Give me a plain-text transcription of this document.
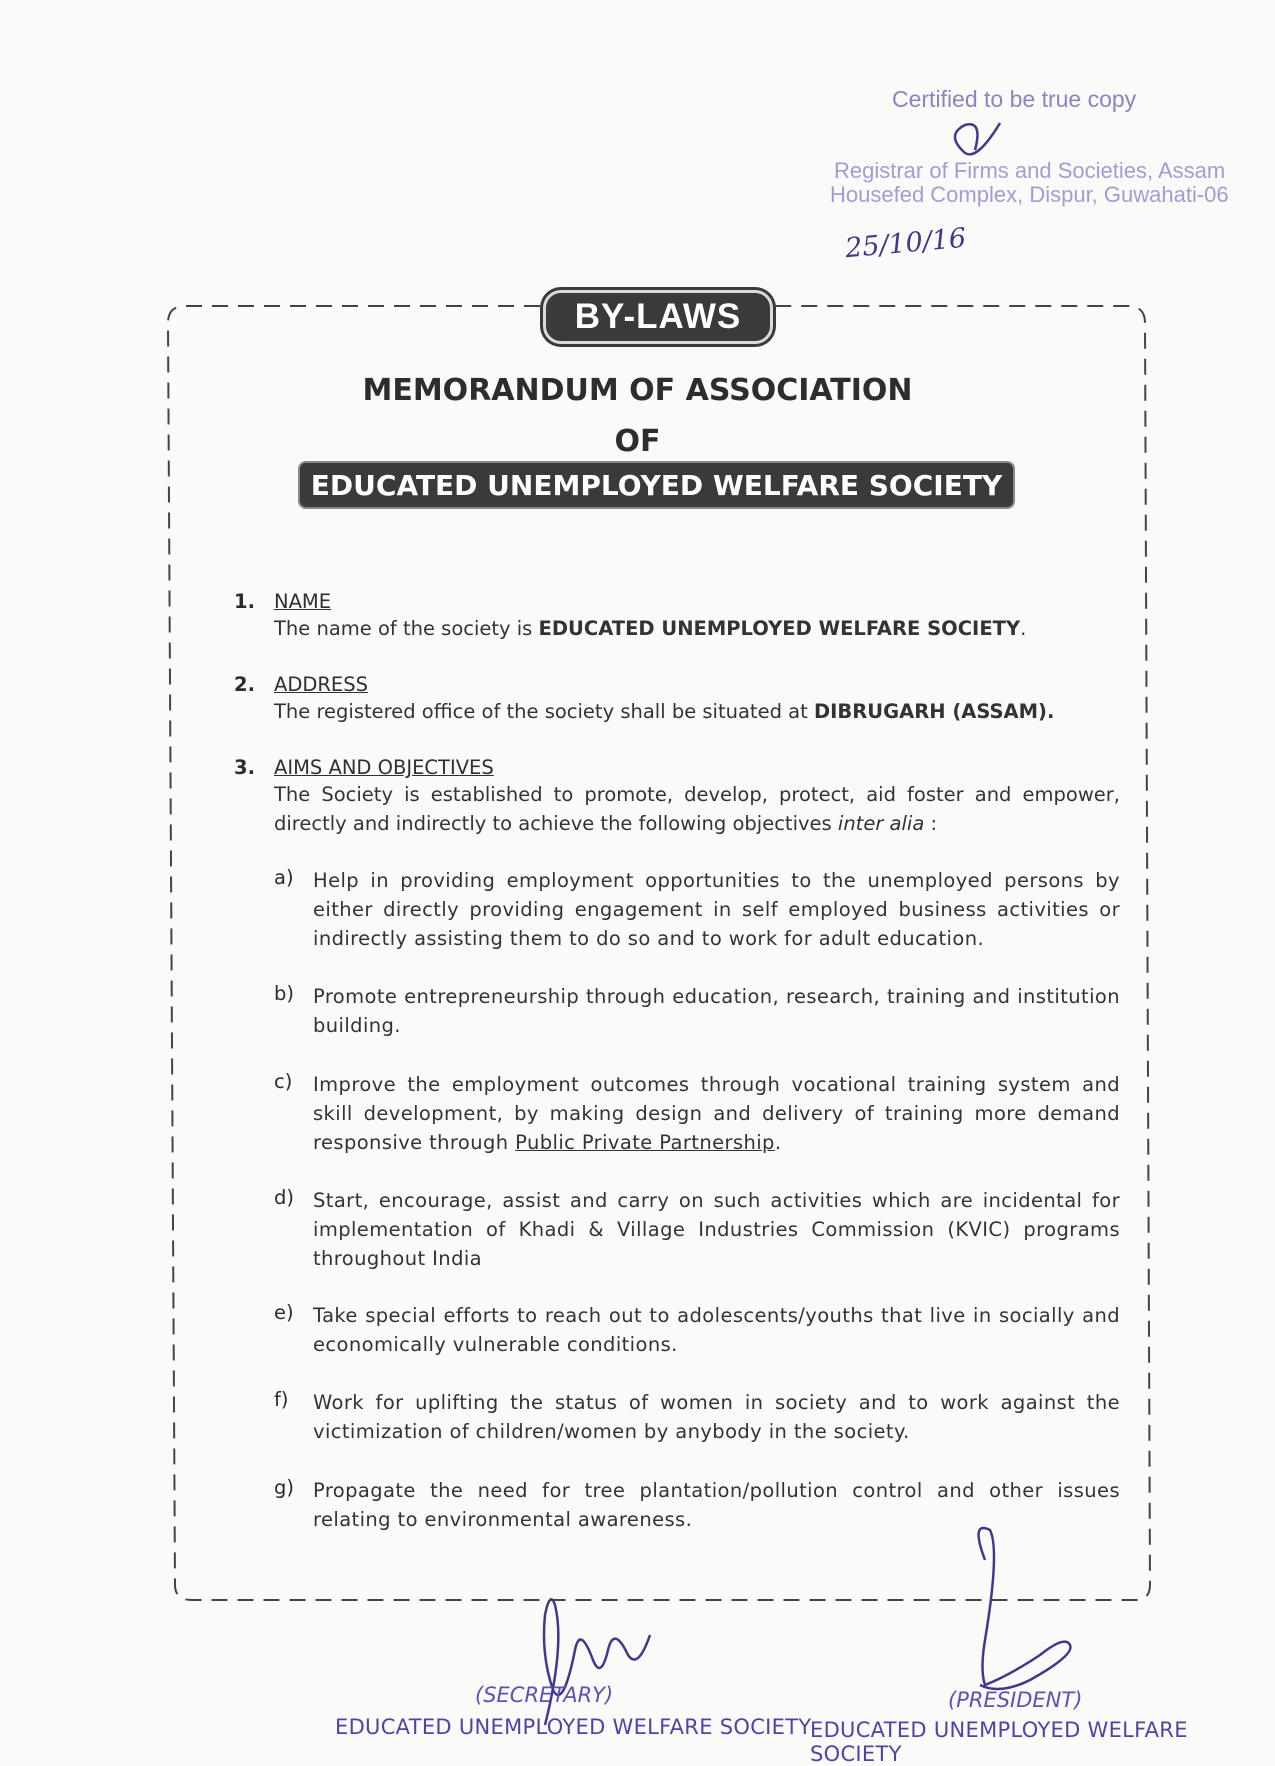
Certified to be true copy
Registrar of Firms and Societies, Assam
Housefed Complex, Dispur, Guwahati-06
25/10/16
BY-LAWS
MEMORANDUM OF ASSOCIATION
OF
EDUCATED UNEMPLOYED WELFARE SOCIETY
1. NAME
The name of the society is EDUCATED UNEMPLOYED WELFARE SOCIETY.
2. ADDRESS
The registered office of the society shall be situated at DIBRUGARH (ASSAM).
3. AIMS AND OBJECTIVES
The Society is established to promote, develop, protect, aid foster and empower, directly and indirectly to achieve the following objectives inter alia :
a) Help in providing employment opportunities to the unemployed persons by either directly providing engagement in self employed business activities or indirectly assisting them to do so and to work for adult education.
b) Promote entrepreneurship through education, research, training and institution building.
c) Improve the employment outcomes through vocational training system and skill development, by making design and delivery of training more demand responsive through Public Private Partnership.
d) Start, encourage, assist and carry on such activities which are incidental for implementation of Khadi & Village Industries Commission (KVIC) programs throughout India
e) Take special efforts to reach out to adolescents/youths that live in socially and economically vulnerable conditions.
f) Work for uplifting the status of women in society and to work against the victimization of children/women by anybody in the society.
g) Propagate the need for tree plantation/pollution control and other issues relating to environmental awareness.
(SECRETARY)
EDUCATED UNEMPLOYED WELFARE SOCIETY
(PRESIDENT)
EDUCATED UNEMPLOYED WELFARE SOCIETY
